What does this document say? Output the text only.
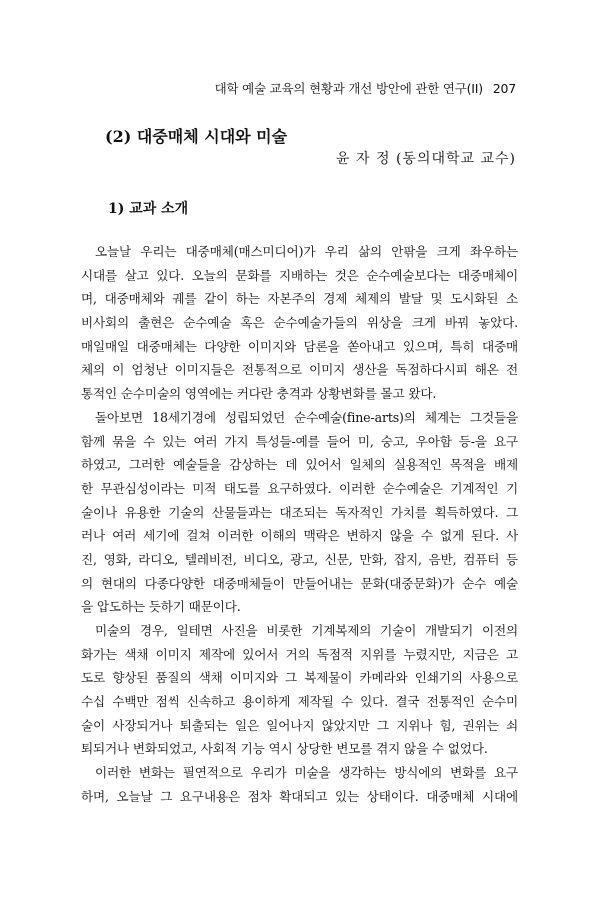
대학 예술 교육의 현황과 개선 방안에 관한 연구(II) 207
(2) 대중매체 시대와 미술
윤 자 정 (동의대학교 교수)
1) 교과 소개
오늘날 우리는 대중매체(매스미디어)가 우리 삶의 안팎을 크게 좌우하는
시대를 살고 있다. 오늘의 문화를 지배하는 것은 순수예술보다는 대중매체이
며, 대중매체와 궤를 같이 하는 자본주의 경제 체제의 발달 및 도시화된 소
비사회의 출현은 순수예술 혹은 순수예술가들의 위상을 크게 바꿔 놓았다.
매일매일 대중매체는 다양한 이미지와 담론을 쏟아내고 있으며, 특히 대중매
체의 이 엄청난 이미지들은 전통적으로 이미지 생산을 독점하다시피 해온 전
통적인 순수미술의 영역에는 커다란 충격과 상황변화를 몰고 왔다.
돌아보면 18세기경에 성립되었던 순수예술(fine-arts)의 체계는 그것들을
함께 묶을 수 있는 여러 가지 특성들-예를 들어 미, 숭고, 우아함 등-을 요구
하였고, 그러한 예술들을 감상하는 데 있어서 일체의 실용적인 목적을 배제
한 무관심성이라는 미적 태도를 요구하였다. 이러한 순수예술은 기계적인 기
술이나 유용한 기술의 산물들과는 대조되는 독자적인 가치를 획득하였다. 그
러나 여러 세기에 걸쳐 이러한 이해의 맥락은 변하지 않을 수 없게 된다. 사
진, 영화, 라디오, 텔레비전, 비디오, 광고, 신문, 만화, 잡지, 음반, 컴퓨터 등
의 현대의 다종다양한 대중매체들이 만들어내는 문화(대중문화)가 순수 예술
을 압도하는 듯하기 때문이다.
미술의 경우, 일테면 사진을 비롯한 기계복제의 기술이 개발되기 이전의
화가는 색채 이미지 제작에 있어서 거의 독점적 지위를 누렸지만, 지금은 고
도로 향상된 품질의 색채 이미지와 그 복제물이 카메라와 인쇄기의 사용으로
수십 수백만 점씩 신속하고 용이하게 제작될 수 있다. 결국 전통적인 순수미
술이 사장되거나 퇴출되는 일은 일어나지 않았지만 그 지위나 힘, 권위는 쇠
퇴되거나 변화되었고, 사회적 기능 역시 상당한 변모를 겪지 않을 수 없었다.
이러한 변화는 필연적으로 우리가 미술을 생각하는 방식에의 변화를 요구
하며, 오늘날 그 요구내용은 점차 확대되고 있는 상태이다. 대중매체 시대에
